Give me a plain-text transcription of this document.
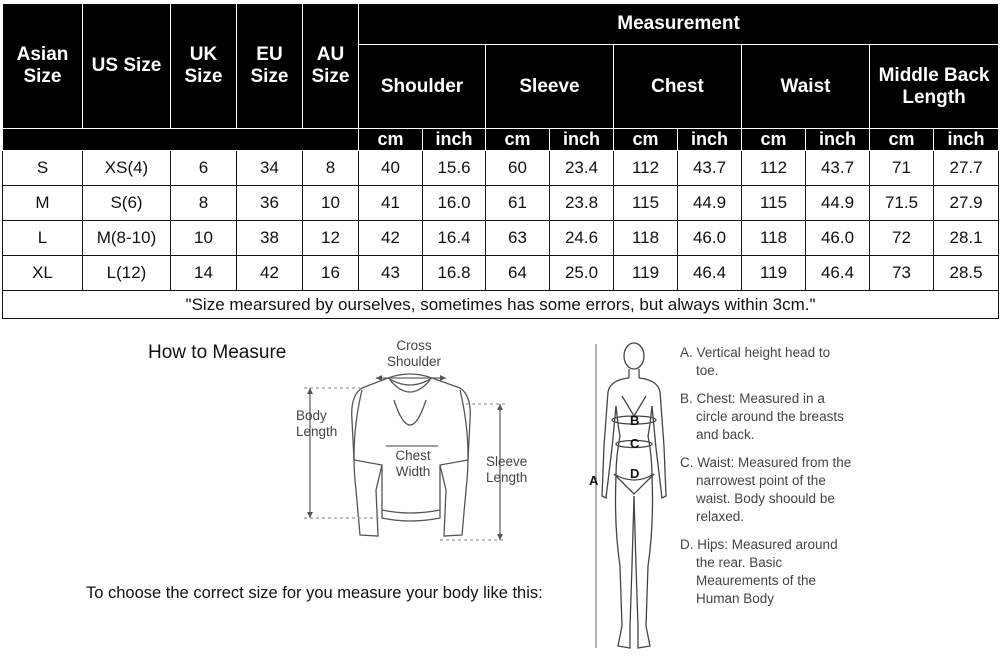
Asian Size	US Size	UK Size	EU Size	AU Size	Measurement									
					Shoulder		Sleeve		Chest		Waist		Middle Back Length	
					cm	inch	cm	inch	cm	inch	cm	inch	cm	inch
S	XS(4)	6	34	8	40	15.6	60	23.4	112	43.7	112	43.7	71	27.7
M	S(6)	8	36	10	41	16.0	61	23.8	115	44.9	115	44.9	71.5	27.9
L	M(8-10)	10	38	12	42	16.4	63	24.6	118	46.0	118	46.0	72	28.1
XL	L(12)	14	42	16	43	16.8	64	25.0	119	46.4	119	46.4	73	28.5
"Size mearsured by ourselves, sometimes has some errors, but always within 3cm."														
How to Measure	Cross
Shoulder
Body
Length
Chest
Width
Sleeve
Length
To choose the correct size for you measure your body like this:
B
C
D
A
A. Vertical height head to toe.
B. Chest: Measured in a circle around the breasts and back.
C. Waist: Measured from the narrowest point of the waist. Body shoould be relaxed.
D. Hips: Measured around the rear. Basic Meaurements of the Human Body
